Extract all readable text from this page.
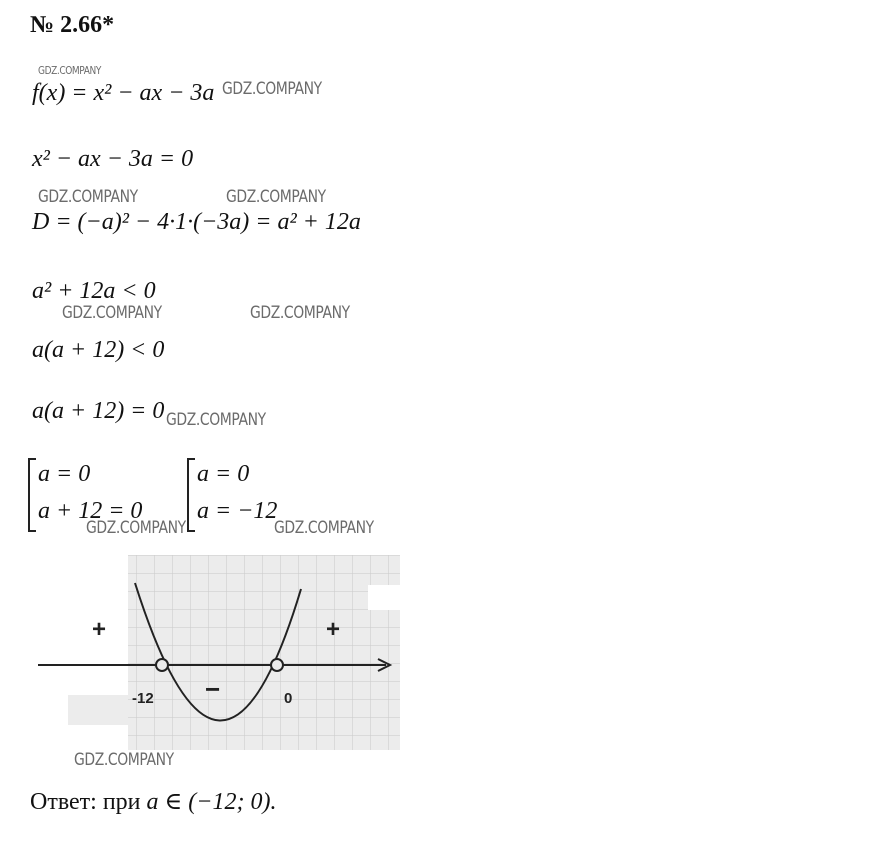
№ 2.66*
GDZ.COMPANY
GDZ.COMPANY
GDZ.COMPANY	GDZ.COMPANY
GDZ.COMPANY	GDZ.COMPANY
GDZ.COMPANY
GDZ.COMPANY	GDZ.COMPANY
GDZ.COMPANY
f(x) = x² − ax − 3a
x² − ax − 3a = 0
D = (−a)² − 4·1·(−3a) = a² + 12a
a² + 12a < 0
a(a + 12) < 0
a(a + 12) = 0
a = 0
a + 12 = 0
a = 0
a = −12
-12	0
+
−
+
Ответ: при a ∈ (−12; 0).
